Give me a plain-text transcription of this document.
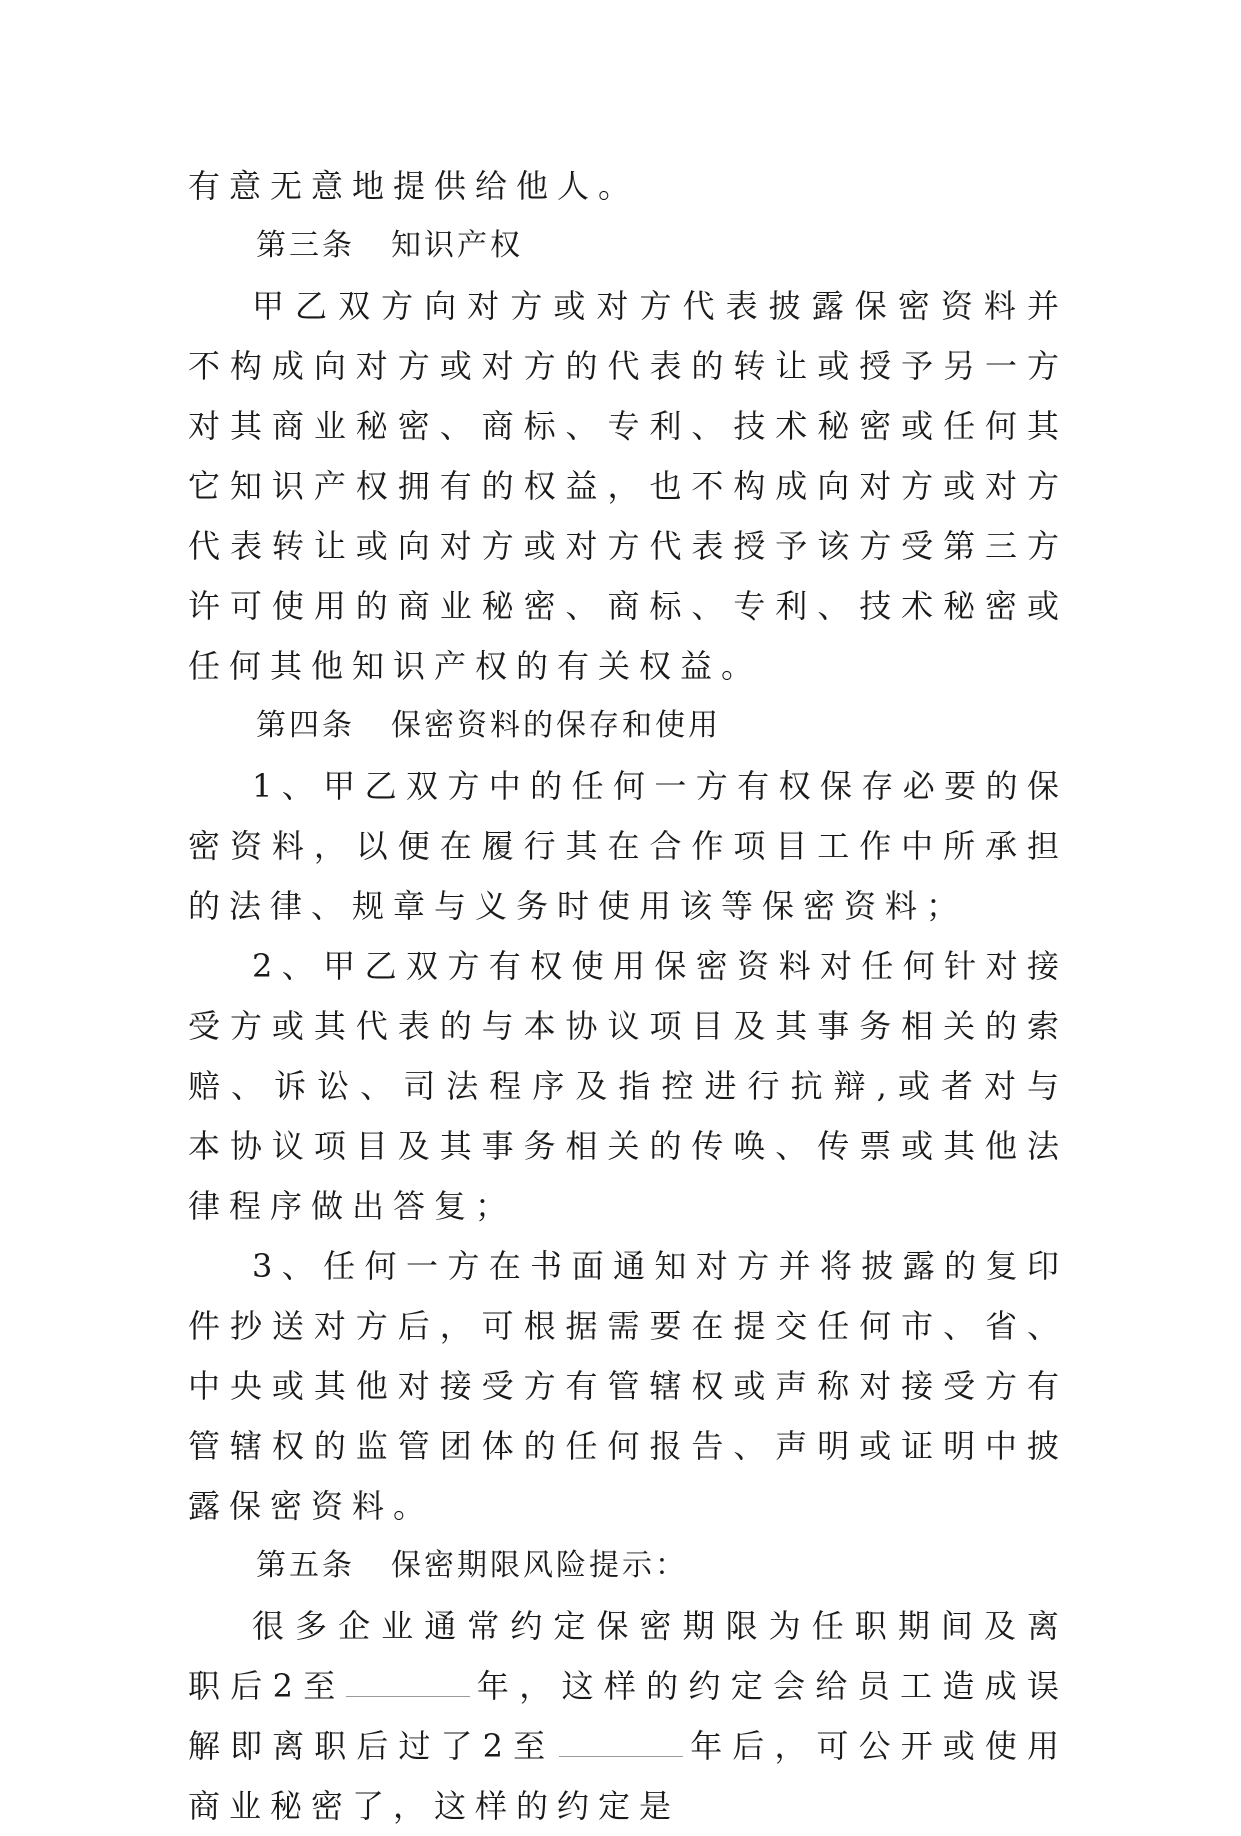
有意无意地提供给他人。

第三条 知识产权

甲乙双方向对方或对方代表披露保密资料并不构成向对方或对方的代表的转让或授予另一方对其商业秘密、商标、专利、技术秘密或任何其它知识产权拥有的权益，也不构成向对方或对方代表转让或向对方或对方代表授予该方受第三方许可使用的商业秘密、商标、专利、技术秘密或任何其他知识产权的有关权益。

第四条 保密资料的保存和使用

1、甲乙双方中的任何一方有权保存必要的保密资料，以便在履行其在合作项目工作中所承担的法律、规章与义务时使用该等保密资料；

2、甲乙双方有权使用保密资料对任何针对接受方或其代表的与本协议项目及其事务相关的索赔、诉讼、司法程序及指控进行抗辩,或者对与本协议项目及其事务相关的传唤、传票或其他法律程序做出答复；

3、任何一方在书面通知对方并将披露的复印件抄送对方后，可根据需要在提交任何市、省、中央或其他对接受方有管辖权或声称对接受方有管辖权的监管团体的任何报告、声明或证明中披露保密资料。

第五条 保密期限风险提示：

很多企业通常约定保密期限为任职期间及离职后2至	年，这样的约定会给员工造成误解即离职后过了2至	年后，可公开或使用商业秘密了，这样的约定是
